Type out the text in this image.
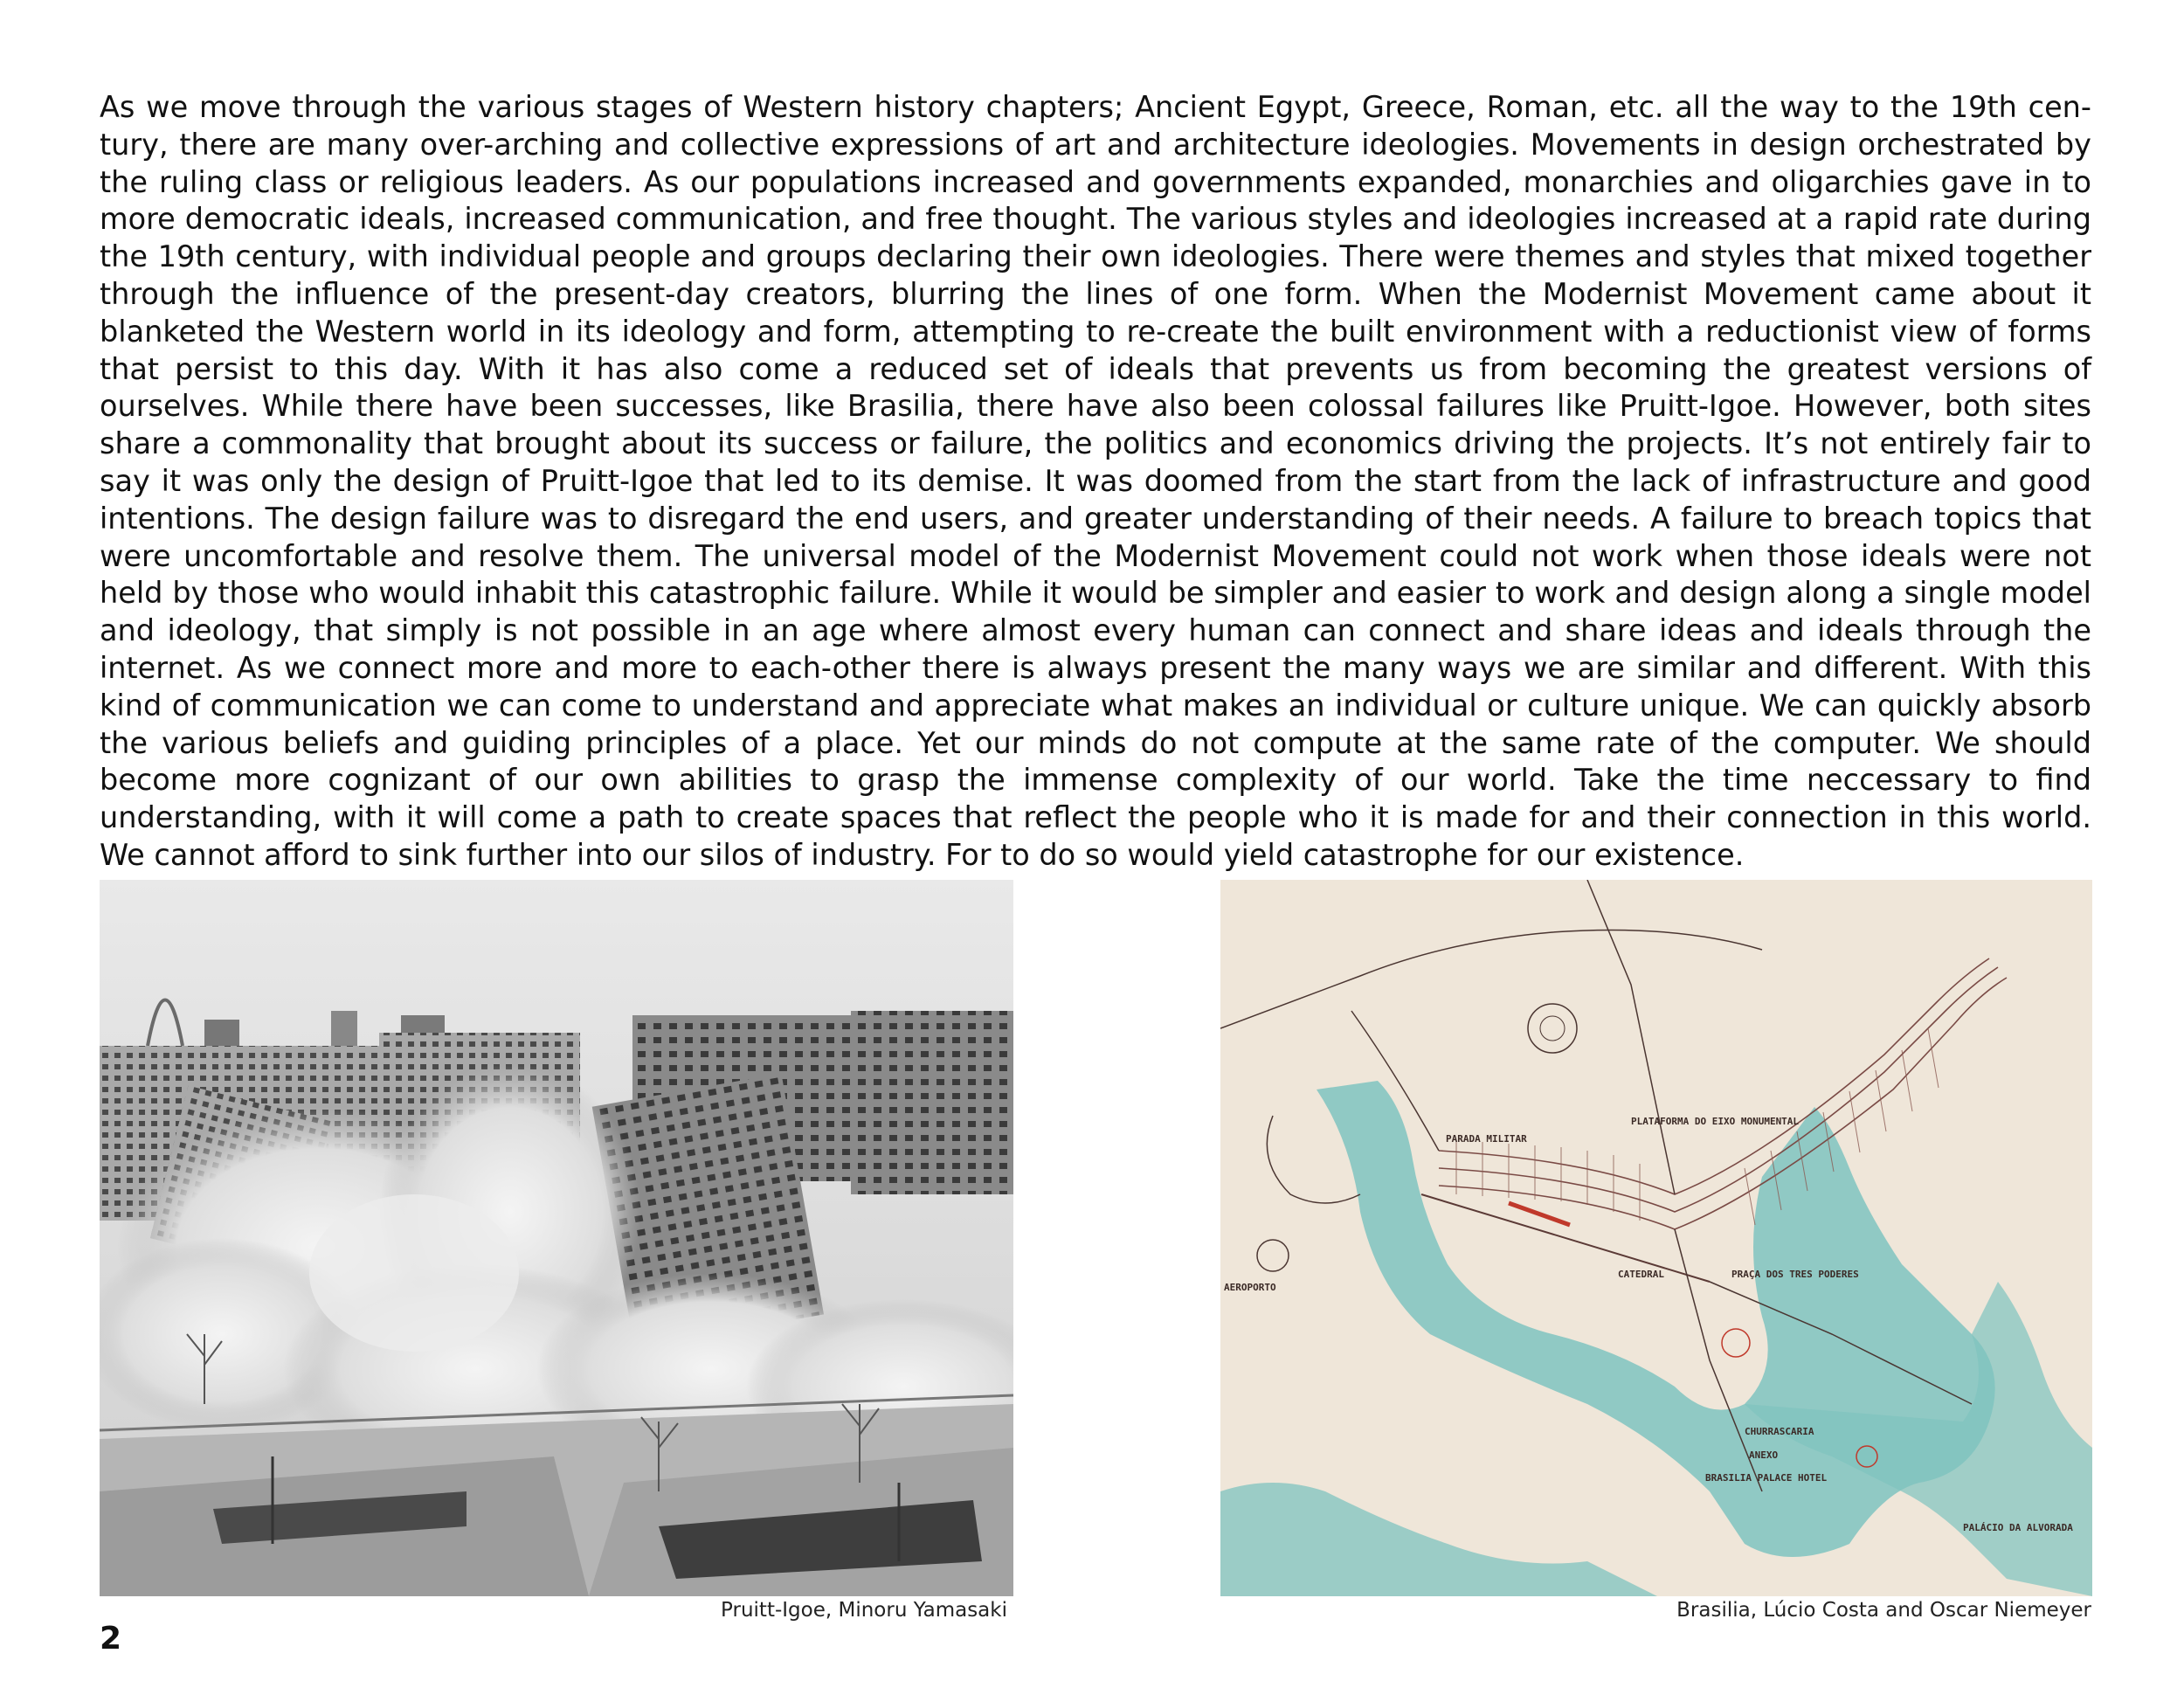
As we move through the various stages of Western history chapters; Ancient Egypt, Greece, Roman, etc. all the way to the 19th century, there are many over-arching and collective expressions of art and architecture ideologies. Movements in design orchestrated by the ruling class or religious leaders. As our populations increased and governments expanded, monarchies and oligarchies gave in to more democratic ideals, increased communication, and free thought. The various styles and ideologies increased at a rapid rate during the 19th century, with individual people and groups declaring their own ideologies. There were themes and styles that mixed together through the influence of the present-day creators, blurring the lines of one form. When the Modernist Movement came about it blanketed the Western world in its ideology and form, attempting to re-create the built environment with a reductionist view of forms that persist to this day. With it has also come a reduced set of ideals that prevents us from becoming the greatest versions of ourselves. While there have been successes, like Brasilia, there have also been colossal failures like Pruitt-Igoe. However, both sites share a commonality that brought about its success or failure, the politics and economics driving the projects. It’s not entirely fair to say it was only the design of Pruitt-Igoe that led to its demise. It was doomed from the start from the lack of infrastructure and good intentions. The design failure was to disregard the end users, and greater understanding of their needs. A failure to breach topics that were uncomfortable and resolve them. The universal model of the Modernist Movement could not work when those ideals were not held by those who would inhabit this catastrophic failure. While it would be simpler and easier to work and design along a single model and ideology, that simply is not possible in an age where almost every human can connect and share ideas and ideals through the internet. As we connect more and more to each-other there is always present the many ways we are similar and different. With this kind of communication we can come to understand and appreciate what makes an individual or culture unique. We can quickly absorb the various beliefs and guiding principles of a place. Yet our minds do not compute at the same rate of the computer. We should become more cognizant of our own abilities to grasp the immense complexity of our world. Take the time neccessary to find understanding, with it will come a path to create spaces that reflect the people who it is made for and their connection in this world. We cannot afford to sink further into our silos of industry. For to do so would yield catastrophe for our existence.

PARADA MILITAR
PLATAFORMA DO EIXO MONUMENTAL
AEROPORTO
CATEDRAL	PRAÇA DOS TRES PODERES
CHURRASCARIA
ANEXO
BRASILIA PALACE HOTEL
PALÁCIO DA ALVORADA
Pruitt-Igoe, Minoru Yamasaki	Brasilia, Lúcio Costa and Oscar Niemeyer
2
